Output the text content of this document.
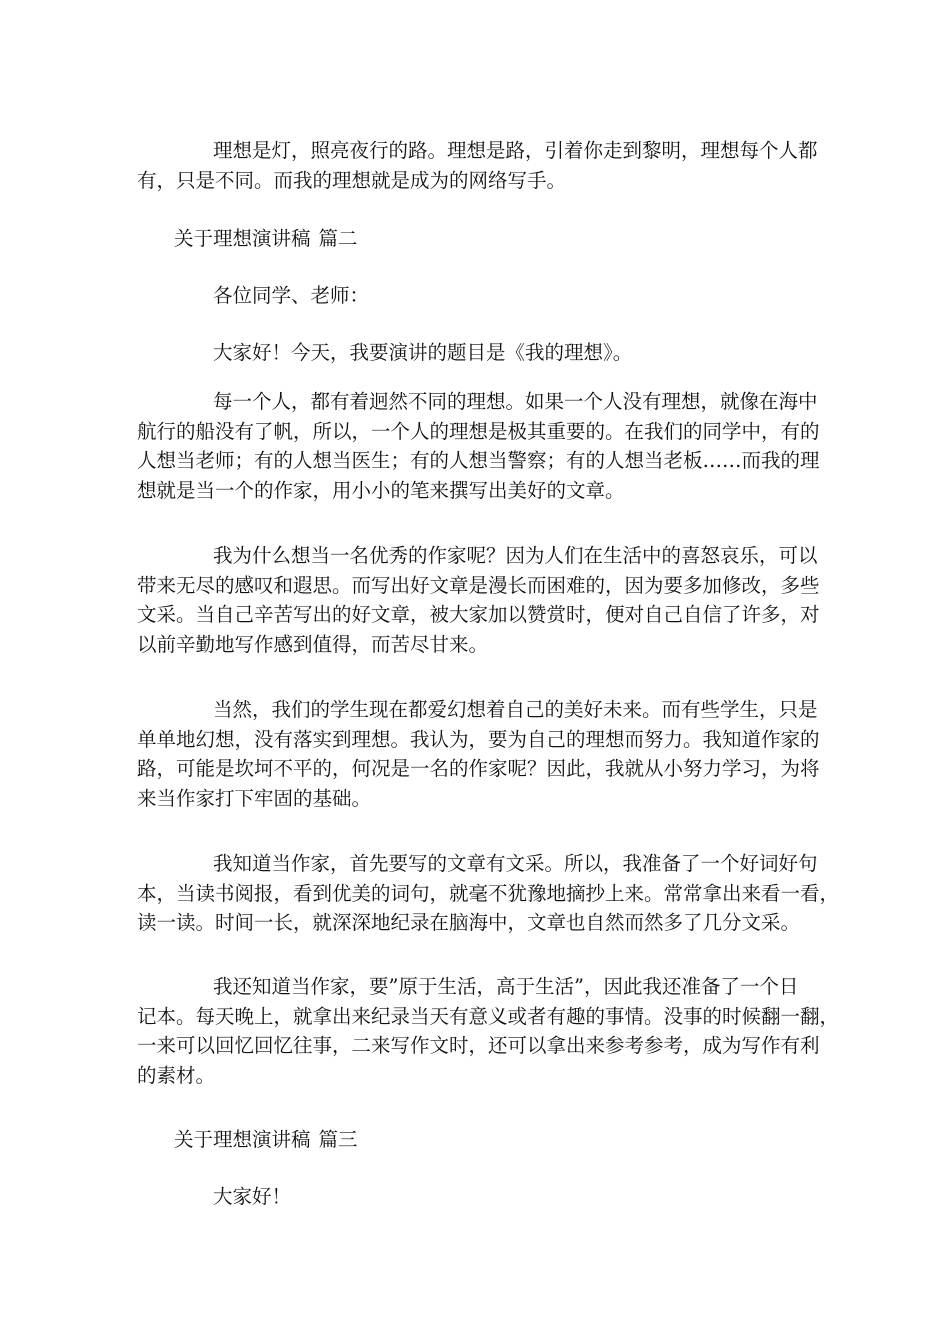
理想是灯，照亮夜行的路。理想是路，引着你走到黎明，理想每个人都
有，只是不同。而我的理想就是成为的网络写手。
关于理想演讲稿 篇二
各位同学、老师：
大家好！今天，我要演讲的题目是《我的理想》。
每一个人，都有着迥然不同的理想。如果一个人没有理想，就像在海中
航行的船没有了帆，所以，一个人的理想是极其重要的。在我们的同学中，有的
人想当老师；有的人想当医生；有的人想当警察；有的人想当老板……而我的理
想就是当一个的作家，用小小的笔来撰写出美好的文章。
我为什么想当一名优秀的作家呢？因为人们在生活中的喜怒哀乐，可以
带来无尽的感叹和遐思。而写出好文章是漫长而困难的，因为要多加修改，多些
文采。当自己辛苦写出的好文章，被大家加以赞赏时，便对自己自信了许多，对
以前辛勤地写作感到值得，而苦尽甘来。
当然，我们的学生现在都爱幻想着自己的美好未来。而有些学生，只是
单单地幻想，没有落实到理想。我认为，要为自己的理想而努力。我知道作家的
路，可能是坎坷不平的，何况是一名的作家呢？因此，我就从小努力学习，为将
来当作家打下牢固的基础。
我知道当作家，首先要写的文章有文采。所以，我准备了一个好词好句
本，当读书阅报，看到优美的词句，就毫不犹豫地摘抄上来。常常拿出来看一看，
读一读。时间一长，就深深地纪录在脑海中，文章也自然而然多了几分文采。
我还知道当作家，要”原于生活，高于生活”，因此我还准备了一个日
记本。每天晚上，就拿出来纪录当天有意义或者有趣的事情。没事的时候翻一翻，
一来可以回忆回忆往事，二来写作文时，还可以拿出来参考参考，成为写作有利
的素材。
关于理想演讲稿 篇三
大家好！
